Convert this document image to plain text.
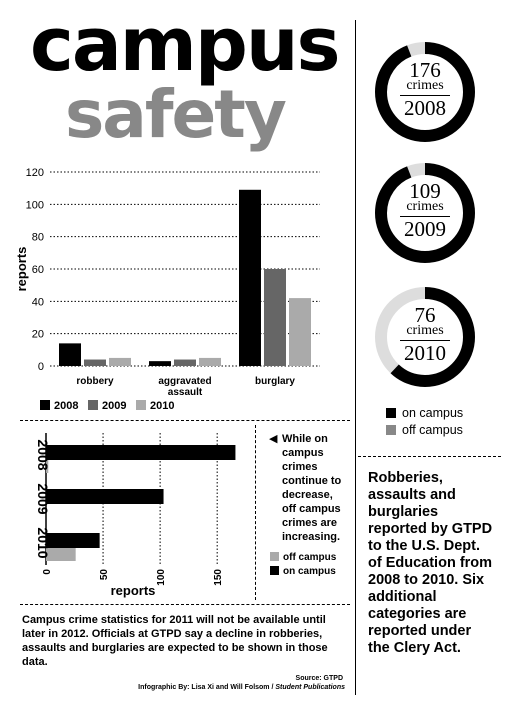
campus
safety
0
20
40
60
80
100
120
reports
robbery	aggravated
assault
burglary
2008 2009 2010
0	50	100	150
2008
2009
2010
reports
◀ While on campus crimes continue to decrease, off campus crimes are increasing.
off campus
on campus
Campus crime statistics for 2011 will not be available until later in 2012. Officials at GTPD say a decline in robberies, assaults and burglaries are expected to be shown in those data.
Source: GTPD
Infographic By: Lisa Xi and Will Folsom / Student Publications
176
crimes
2008
109
crimes
2009
76
crimes
2010
on campus
off campus
Robberies, assaults and burglaries reported by GTPD to the U.S. Dept. of Education from 2008 to 2010. Six additional categories are reported under the Clery Act.
